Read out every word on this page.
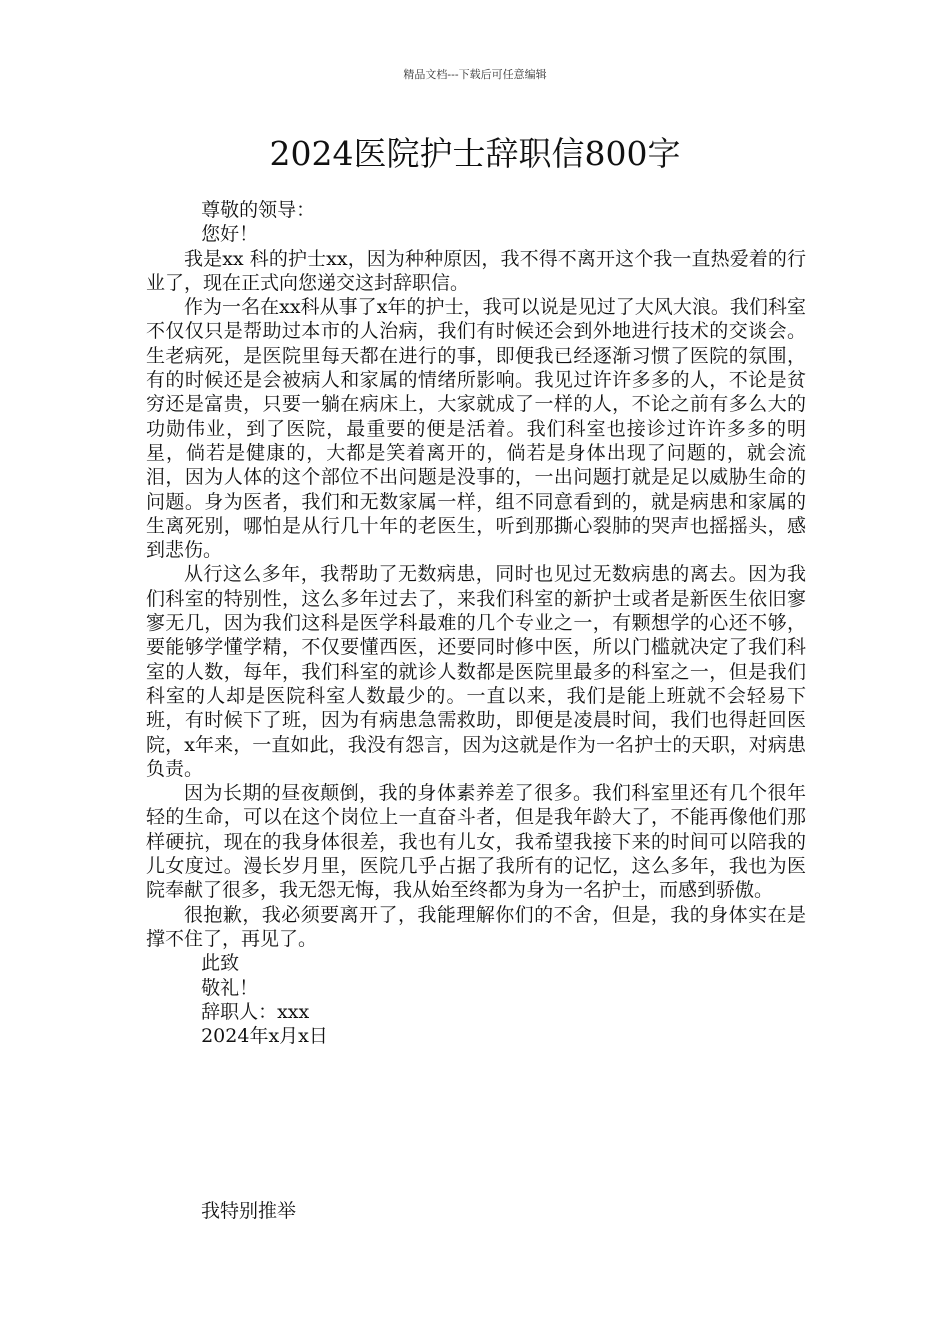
精品文档---下载后可任意编辑
2024医院护士辞职信800字
尊敬的领导：
您好！

我是xx 科的护士xx，因为种种原因，我不得不离开这个我一直热爱着的行业了，现在正式向您递交这封辞职信。

作为一名在xx科从事了x年的护士，我可以说是见过了大风大浪。我们科室不仅仅只是帮助过本市的人治病，我们有时候还会到外地进行技术的交谈会。生老病死，是医院里每天都在进行的事，即便我已经逐渐习惯了医院的氛围，有的时候还是会被病人和家属的情绪所影响。我见过许许多多的人，不论是贫穷还是富贵，只要一躺在病床上，大家就成了一样的人，不论之前有多么大的功勋伟业，到了医院，最重要的便是活着。我们科室也接诊过许许多多的明星，倘若是健康的，大都是笑着离开的，倘若是身体出现了问题的，就会流泪，因为人体的这个部位不出问题是没事的，一出问题打就是足以威胁生命的问题。身为医者，我们和无数家属一样，组不同意看到的，就是病患和家属的生离死别，哪怕是从行几十年的老医生，听到那撕心裂肺的哭声也摇摇头，感到悲伤。

从行这么多年，我帮助了无数病患，同时也见过无数病患的离去。因为我们科室的特别性，这么多年过去了，来我们科室的新护士或者是新医生依旧寥寥无几，因为我们这科是医学科最难的几个专业之一，有颗想学的心还不够，要能够学懂学精，不仅要懂西医，还要同时修中医，所以门槛就决定了我们科室的人数，每年，我们科室的就诊人数都是医院里最多的科室之一，但是我们科室的人却是医院科室人数最少的。一直以来，我们是能上班就不会轻易下班，有时候下了班，因为有病患急需救助，即便是凌晨时间，我们也得赶回医院，x年来，一直如此，我没有怨言，因为这就是作为一名护士的天职，对病患负责。

因为长期的昼夜颠倒，我的身体素养差了很多。我们科室里还有几个很年轻的生命，可以在这个岗位上一直奋斗者，但是我年龄大了，不能再像他们那样硬抗，现在的我身体很差，我也有儿女，我希望我接下来的时间可以陪我的儿女度过。漫长岁月里，医院几乎占据了我所有的记忆，这么多年，我也为医院奉献了很多，我无怨无悔，我从始至终都为身为一名护士，而感到骄傲。

很抱歉，我必须要离开了，我能理解你们的不舍，但是，我的身体实在是撑不住了，再见了。

此致
敬礼！
辞职人：xxx
2024年x月x日
我特别推举
